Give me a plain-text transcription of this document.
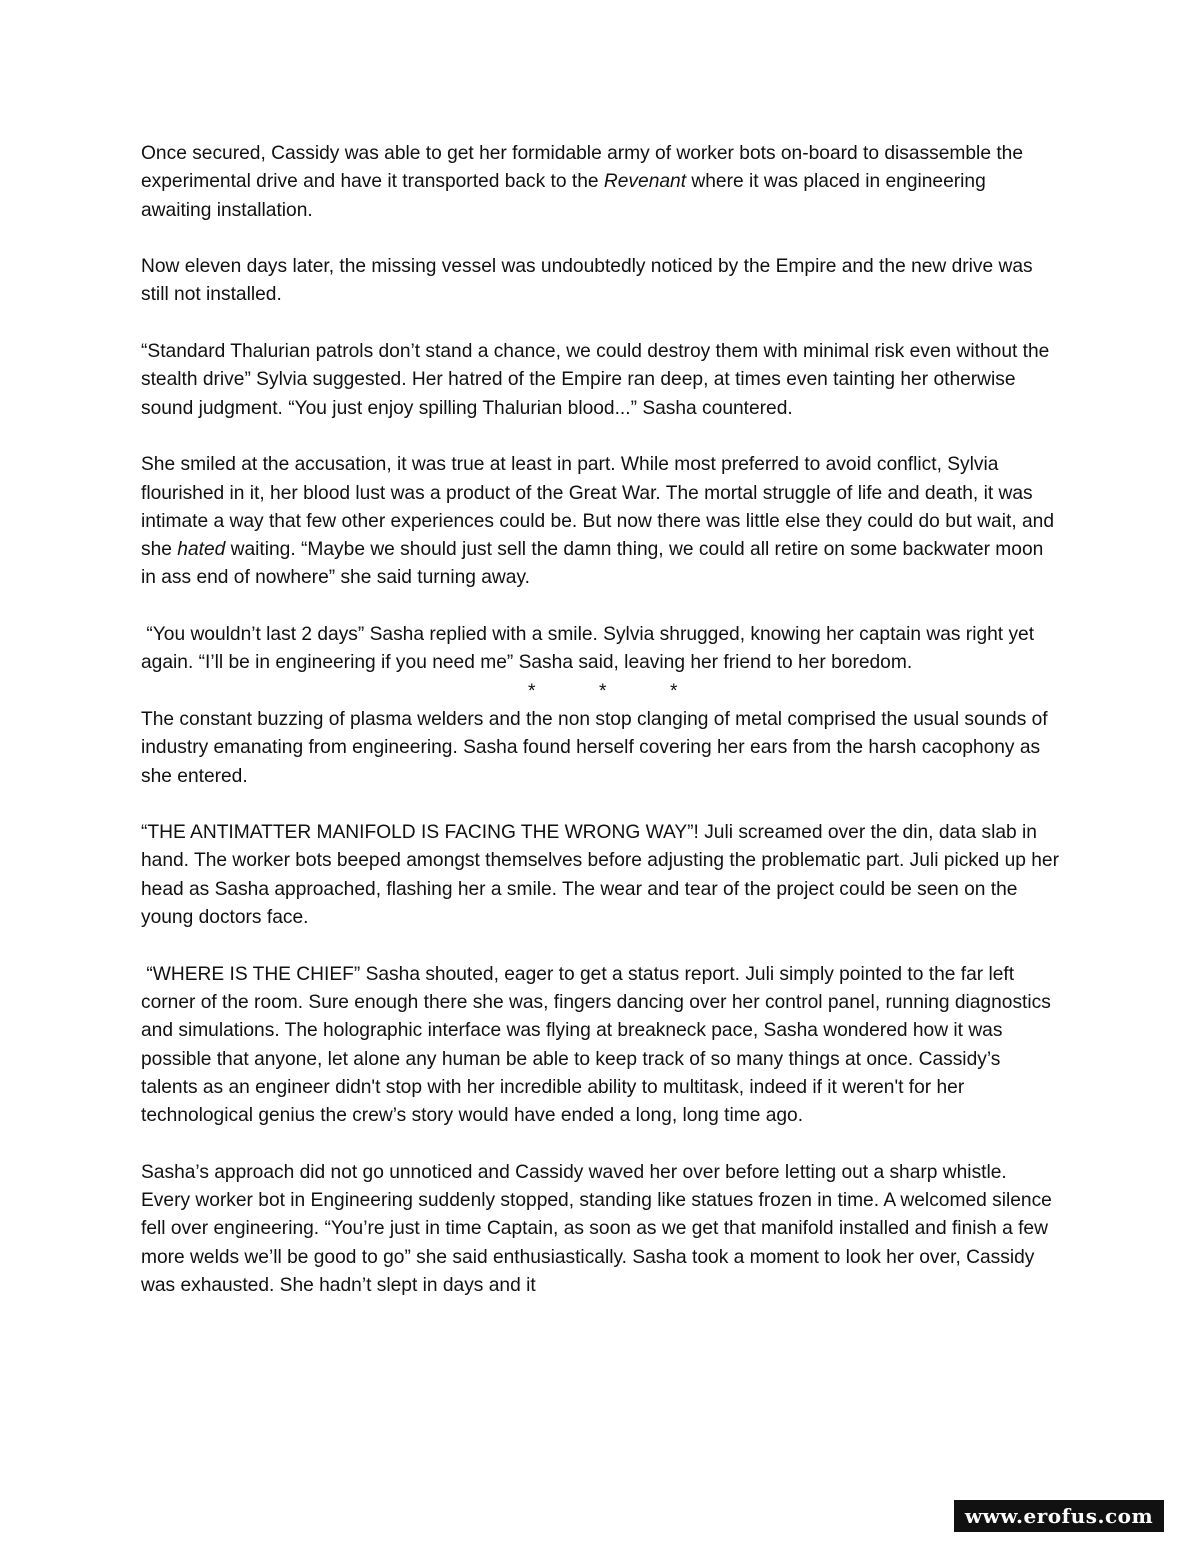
Once secured, Cassidy was able to get her formidable army of worker bots on-board to disassemble the experimental drive and have it transported back to the Revenant where it was placed in engineering awaiting installation.

Now eleven days later, the missing vessel was undoubtedly noticed by the Empire and the new drive was still not installed.

“Standard Thalurian patrols don’t stand a chance, we could destroy them with minimal risk even without the stealth drive” Sylvia suggested. Her hatred of the Empire ran deep, at times even tainting her otherwise sound judgment. “You just enjoy spilling Thalurian blood...” Sasha countered.

She smiled at the accusation, it was true at least in part. While most preferred to avoid conflict, Sylvia flourished in it, her blood lust was a product of the Great War. The mortal struggle of life and death, it was intimate a way that few other experiences could be. But now there was little else they could do but wait, and she hated waiting. “Maybe we should just sell the damn thing, we could all retire on some backwater moon in ass end of nowhere” she said turning away.

“You wouldn’t last 2 days” Sasha replied with a smile. Sylvia shrugged, knowing her captain was right yet again. “I’ll be in engineering if you need me” Sasha said, leaving her friend to her boredom.

*	*	*

The constant buzzing of plasma welders and the non stop clanging of metal comprised the usual sounds of industry emanating from engineering. Sasha found herself covering her ears from the harsh cacophony as she entered.

“THE ANTIMATTER MANIFOLD IS FACING THE WRONG WAY”! Juli screamed over the din, data slab in hand. The worker bots beeped amongst themselves before adjusting the problematic part. Juli picked up her head as Sasha approached, flashing her a smile. The wear and tear of the project could be seen on the young doctors face.

“WHERE IS THE CHIEF” Sasha shouted, eager to get a status report. Juli simply pointed to the far left corner of the room. Sure enough there she was, fingers dancing over her control panel, running diagnostics and simulations. The holographic interface was flying at breakneck pace, Sasha wondered how it was possible that anyone, let alone any human be able to keep track of so many things at once. Cassidy’s talents as an engineer didn't stop with her incredible ability to multitask, indeed if it weren't for her technological genius the crew’s story would have ended a long, long time ago.

Sasha’s approach did not go unnoticed and Cassidy waved her over before letting out a sharp whistle. Every worker bot in Engineering suddenly stopped, standing like statues frozen in time. A welcomed silence fell over engineering. “You’re just in time Captain, as soon as we get that manifold installed and finish a few more welds we’ll be good to go” she said enthusiastically. Sasha took a moment to look her over, Cassidy was exhausted. She hadn’t slept in days and it

www.erofus.com
